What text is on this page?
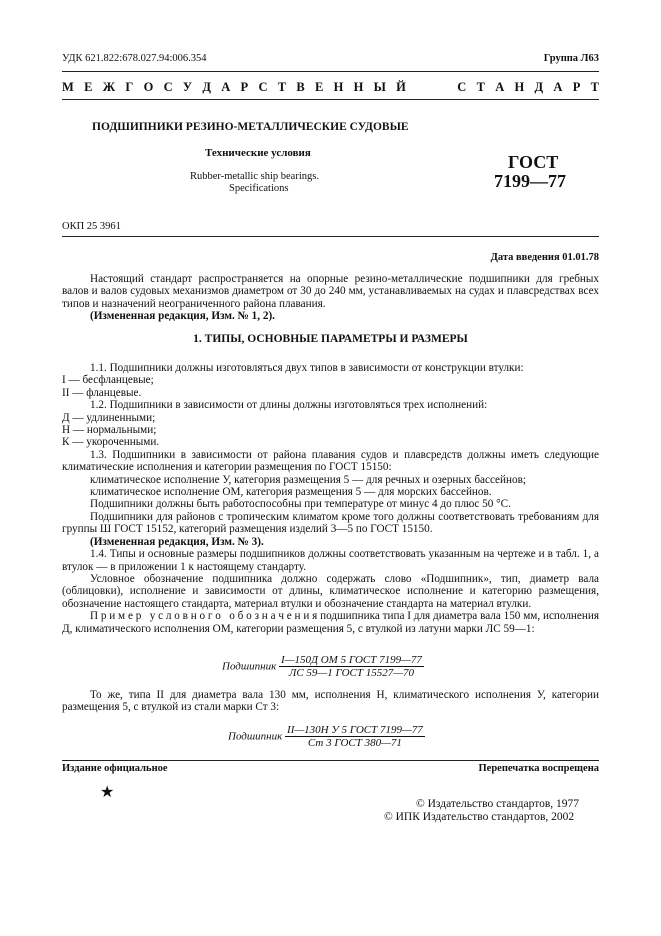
УДК 621.822:678.027.94:006.354	Группа Л63
М Е Ж Г О С У Д А Р С Т В Е Н Н Ы Й     С Т А Н Д А Р Т
ПОДШИПНИКИ РЕЗИНО-МЕТАЛЛИЧЕСКИЕ СУДОВЫЕ
Технические условия
Rubber-metallic ship bearings.
Specifications
ГОСТ
7199—77
ОКП 25 3961
Дата введения 01.01.78

Настоящий стандарт распространяется на опорные резино-металлические подшипники для гребных валов и валов судовых механизмов диаметром от 30 до 240 мм, устанавливаемых на судах и плавсредствах всех типов и назначений неограниченного района плавания.

(Измененная редакция, Изм. № 1, 2).

1. ТИПЫ, ОСНОВНЫЕ ПАРАМЕТРЫ И РАЗМЕРЫ

1.1. Подшипники должны изготовляться двух типов в зависимости от конструкции втулки:

I — бесфланцевые;

II — фланцевые.

1.2. Подшипники в зависимости от длины должны изготовляться трех исполнений:

Д — удлиненными;

Н — нормальными;

К — укороченными.

1.3. Подшипники в зависимости от района плавания судов и плавсредств должны иметь следующие климатические исполнения и категории размещения по ГОСТ 15150:

климатическое исполнение У, категория размещения 5 — для речных и озерных бассейнов;

климатическое исполнение ОМ, категория размещения 5 — для морских бассейнов.

Подшипники должны быть работоспособны при температуре от минус 4 до плюс 50 °С.

Подшипники для районов с тропическим климатом кроме того должны соответствовать требованиям для группы Ш ГОСТ 15152, категорий размещения изделий 3—5 по ГОСТ 15150.

(Измененная редакция, Изм. № 3).

1.4. Типы и основные размеры подшипников должны соответствовать указанным на чертеже и в табл. 1, а втулок — в приложении 1 к настоящему стандарту.

Условное обозначение подшипника должно содержать слово «Подшипник», тип, диаметр вала (облицовки), исполнение и зависимости от длины, климатическое исполнение и категорию размещения, обозначение настоящего стандарта, материал втулки и обозначение стандарта на материал втулки.

П р и м е р   у с л о в н о г о   о б о з н а ч е н и я подшипника типа I для диаметра вала 150 мм, исполнения Д, климатического исполнения ОМ, категории размещения 5, с втулкой из латуни марки ЛС 59—1:

Подшипник $\frac{\text{I—150Д ОМ 5 ГОСТ 7199—77}}{\text{ЛС 59—1 ГОСТ 15527—70}}$

То же, типа II для диаметра вала 130 мм, исполнения Н, климатического исполнения У, категории размещения 5, с втулкой из стали марки Ст 3:

Подшипник $\frac{\text{II—130Н У 5 ГОСТ 7199—77}}{\text{Ст 3 ГОСТ 380—71}}$
Издание официальное	Перепечатка воспрещена
★
© Издательство стандартов, 1977
© ИПК Издательство стандартов, 2002
